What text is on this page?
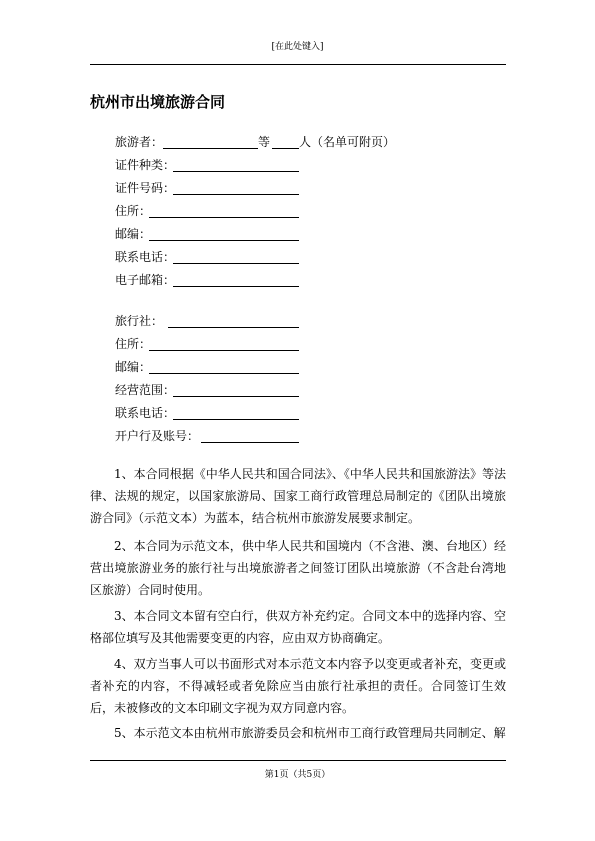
[在此处键入]
杭州市出境旅游合同
旅游者：	等 人（名单可附页）
证件种类：
证件号码：
住所：
邮编：
联系电话：
电子邮箱：
旅行社：
住所：
邮编：
经营范围：
联系电话：
开户行及账号：
1、本合同根据《中华人民共和国合同法》、《中华人民共和国旅游法》等法律、法规的规定，以国家旅游局、国家工商行政管理总局制定的《团队出境旅游合同》（示范文本）为蓝本，结合杭州市旅游发展要求制定。
2、本合同为示范文本，供中华人民共和国境内（不含港、澳、台地区）经营出境旅游业务的旅行社与出境旅游者之间签订团队出境旅游（不含赴台湾地区旅游）合同时使用。
3、本合同文本留有空白行，供双方补充约定。合同文本中的选择内容、空格部位填写及其他需要变更的内容，应由双方协商确定。
4、双方当事人可以书面形式对本示范文本内容予以变更或者补充，变更或者补充的内容，不得减轻或者免除应当由旅行社承担的责任。合同签订生效后，未被修改的文本印刷文字视为双方同意内容。
5、本示范文本由杭州市旅游委员会和杭州市工商行政管理局共同制定、解
第1页（共5页）
